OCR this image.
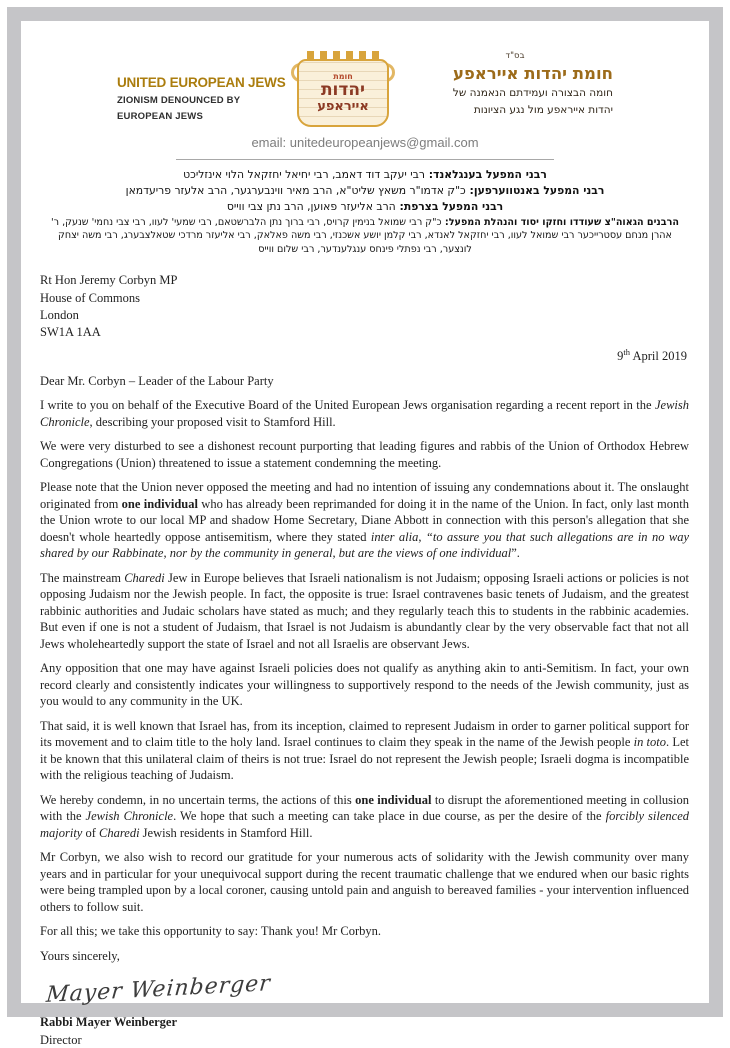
UNITED EUROPEAN JEWS
ZIONISM DENOUNCED BY
EUROPEAN JEWS
חומת
יהדות
אייראפע
בס"ד
חומת יהדות אייראפע
חומה הבצורה ועמידתם הנאמנה של
יהדות אייראפע מול נגע הציונות
email: unitedeuropeanjews@gmail.com
רבני המפעל בענגלאנד: רבי יעקב דוד דאמב, רבי יחיאל יחזקאל הלוי אינזליכט
רבני המפעל באנטווערפען: כ"ק אדמו"ר משאץ שליט"א, הרב מאיר ווינבערגער, הרב אלעזר פריעדמאן
רבני המפעל בצרפת: הרב אליעזר פאוען, הרב נתן צבי ווייס
הרבנים הגאוה"צ שעודדו וחזקו יסוד והנהלת המפעל: כ"ק רבי שמואל בנימין קרויס, רבי ברוך נתן הלברשטאם, רבי שמעי' לעוו, רבי צבי נחמי' שנעק, ר' אהרן מנחם עסטרייכער רבי שמואל לעוו, רבי יחזקאל לאנדא, רבי קלמן יושע אשכנזי, רבי משה פאלאק, רבי אליעזר מרדכי שטאלצבערג, רבי משה יצחק לונצער, רבי נפתלי פינחס ענגלענדער, רבי שלום ווייס
Rt Hon Jeremy Corbyn MP
House of Commons
London
SW1A 1AA
9th April 2019

Dear Mr. Corbyn – Leader of the Labour Party

I write to you on behalf of the Executive Board of the United European Jews organisation regarding a recent report in the Jewish Chronicle, describing your proposed visit to Stamford Hill.

We were very disturbed to see a dishonest recount purporting that leading figures and rabbis of the Union of Orthodox Hebrew Congregations (Union) threatened to issue a statement condemning the meeting.

Please note that the Union never opposed the meeting and had no intention of issuing any condemnations about it. The onslaught originated from one individual who has already been reprimanded for doing it in the name of the Union. In fact, only last month the Union wrote to our local MP and shadow Home Secretary, Diane Abbott in connection with this person's allegation that she doesn't whole heartedly oppose antisemitism, where they stated inter alia, “to assure you that such allegations are in no way shared by our Rabbinate, nor by the community in general, but are the views of one individual”.

The mainstream Charedi Jew in Europe believes that Israeli nationalism is not Judaism; opposing Israeli actions or policies is not opposing Judaism nor the Jewish people. In fact, the opposite is true: Israel contravenes basic tenets of Judaism, and the greatest rabbinic authorities and Judaic scholars have stated as much; and they regularly teach this to students in the rabbinic academies. But even if one is not a student of Judaism, that Israel is not Judaism is abundantly clear by the very observable fact that not all Jews wholeheartedly support the state of Israel and not all Israelis are observant Jews.

Any opposition that one may have against Israeli policies does not qualify as anything akin to anti-Semitism. In fact, your own record clearly and consistently indicates your willingness to supportively respond to the needs of the Jewish community, just as you would to any community in the UK.

That said, it is well known that Israel has, from its inception, claimed to represent Judaism in order to garner political support for its movement and to claim title to the holy land. Israel continues to claim they speak in the name of the Jewish people in toto. Let it be known that this unilateral claim of theirs is not true: Israel do not represent the Jewish people; Israeli dogma is incompatible with the religious teaching of Judaism.

We hereby condemn, in no uncertain terms, the actions of this one individual to disrupt the aforementioned meeting in collusion with the Jewish Chronicle. We hope that such a meeting can take place in due course, as per the desire of the forcibly silenced majority of Charedi Jewish residents in Stamford Hill.

Mr Corbyn, we also wish to record our gratitude for your numerous acts of solidarity with the Jewish community over many years and in particular for your unequivocal support during the recent traumatic challenge that we endured when our basic rights were being trampled upon by a local coroner, causing untold pain and anguish to bereaved families - your intervention influenced others to follow suit.

For all this; we take this opportunity to say: Thank you! Mr Corbyn.

Yours sincerely,

Mayer Weinberger
Rabbi Mayer Weinberger
Director
